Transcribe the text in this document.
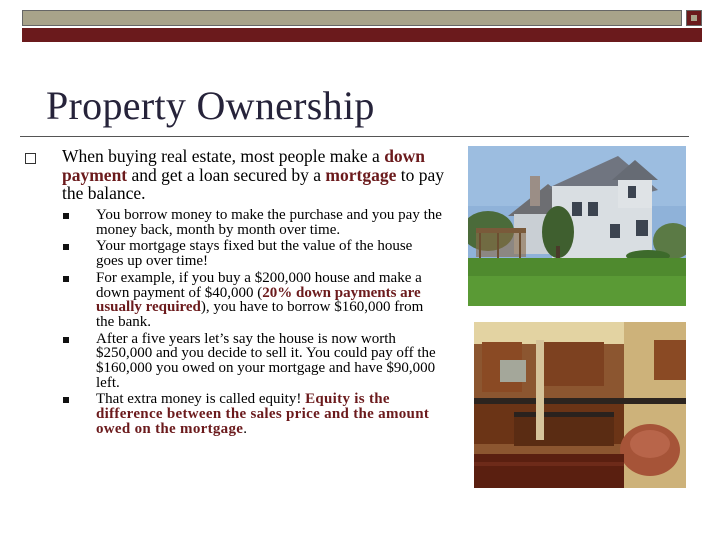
Property Ownership
When buying real estate, most people make a down payment and get a loan secured by a mortgage to pay the balance.
You borrow money to make the purchase and you pay the money back, month by month over time.
Your mortgage stays fixed but the value of the house goes up over time!
For example, if you buy a $200,000 house and make a down payment of $40,000 (20% down payments are usually required), you have to borrow $160,000 from the bank.
After a five years let’s say the house is now worth $250,000 and you decide to sell it. You could pay off the $160,000 you owed on your mortgage and have $90,000 left.
That extra money is called equity! Equity is the difference between the sales price and the amount owed on the mortgage.
